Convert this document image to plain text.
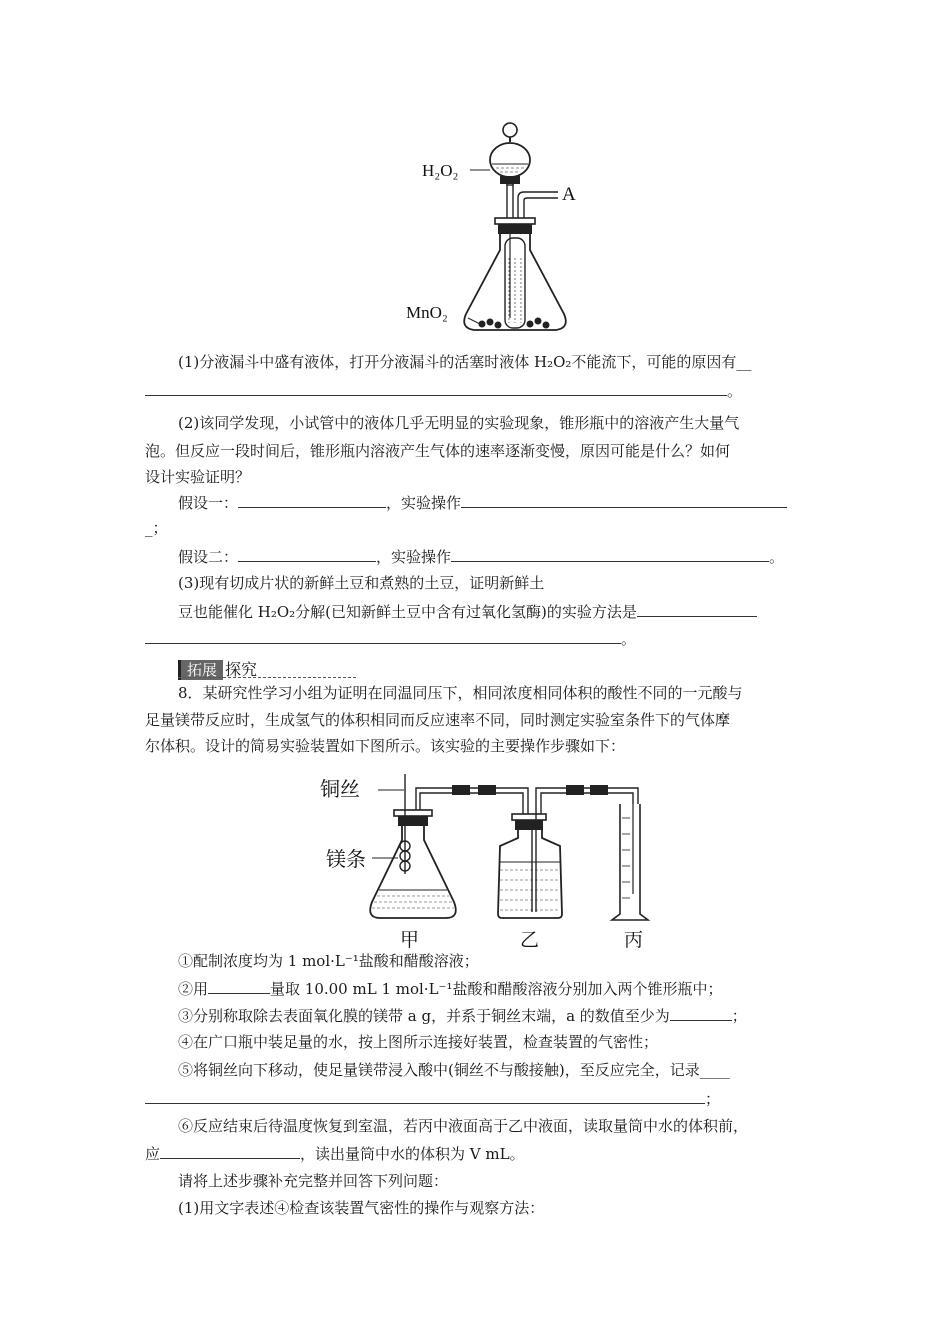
H₂O₂
A
MnO₂
(1)分液漏斗中盛有液体，打开分液漏斗的活塞时液体 H₂O₂不能流下，可能的原因有__
。
(2)该同学发现，小试管中的液体几乎无明显的实验现象，锥形瓶中的溶液产生大量气
泡。但反应一段时间后，锥形瓶内溶液产生气体的速率逐渐变慢，原因可能是什么？如何
设计实验证明？
假设一：	，实验操作
_；
假设二：	，实验操作	。
(3)现有切成片状的新鲜土豆和煮熟的土豆，证明新鲜土
豆也能催化 H₂O₂分解(已知新鲜土豆中含有过氧化氢酶)的实验方法是
。
拓展 探究
8．某研究性学习小组为证明在同温同压下，相同浓度相同体积的酸性不同的一元酸与
足量镁带反应时，生成氢气的体积相同而反应速率不同，同时测定实验室条件下的气体摩
尔体积。设计的简易实验装置如下图所示。该实验的主要操作步骤如下：
铜丝
镁条
甲	乙	丙
①配制浓度均为 1 mol·L⁻¹盐酸和醋酸溶液；
②用	量取 10.00 mL 1 mol·L⁻¹盐酸和醋酸溶液分别加入两个锥形瓶中；
③分别称取除去表面氧化膜的镁带 a g，并系于铜丝末端，a 的数值至少为	；
④在广口瓶中装足量的水，按上图所示连接好装置，检查装置的气密性；
⑤将铜丝向下移动，使足量镁带浸入酸中(铜丝不与酸接触)，至反应完全，记录____
；
⑥反应结束后待温度恢复到室温，若丙中液面高于乙中液面，读取量筒中水的体积前，
应	，读出量筒中水的体积为 V mL。
请将上述步骤补充完整并回答下列问题：
(1)用文字表述④检查该装置气密性的操作与观察方法：
